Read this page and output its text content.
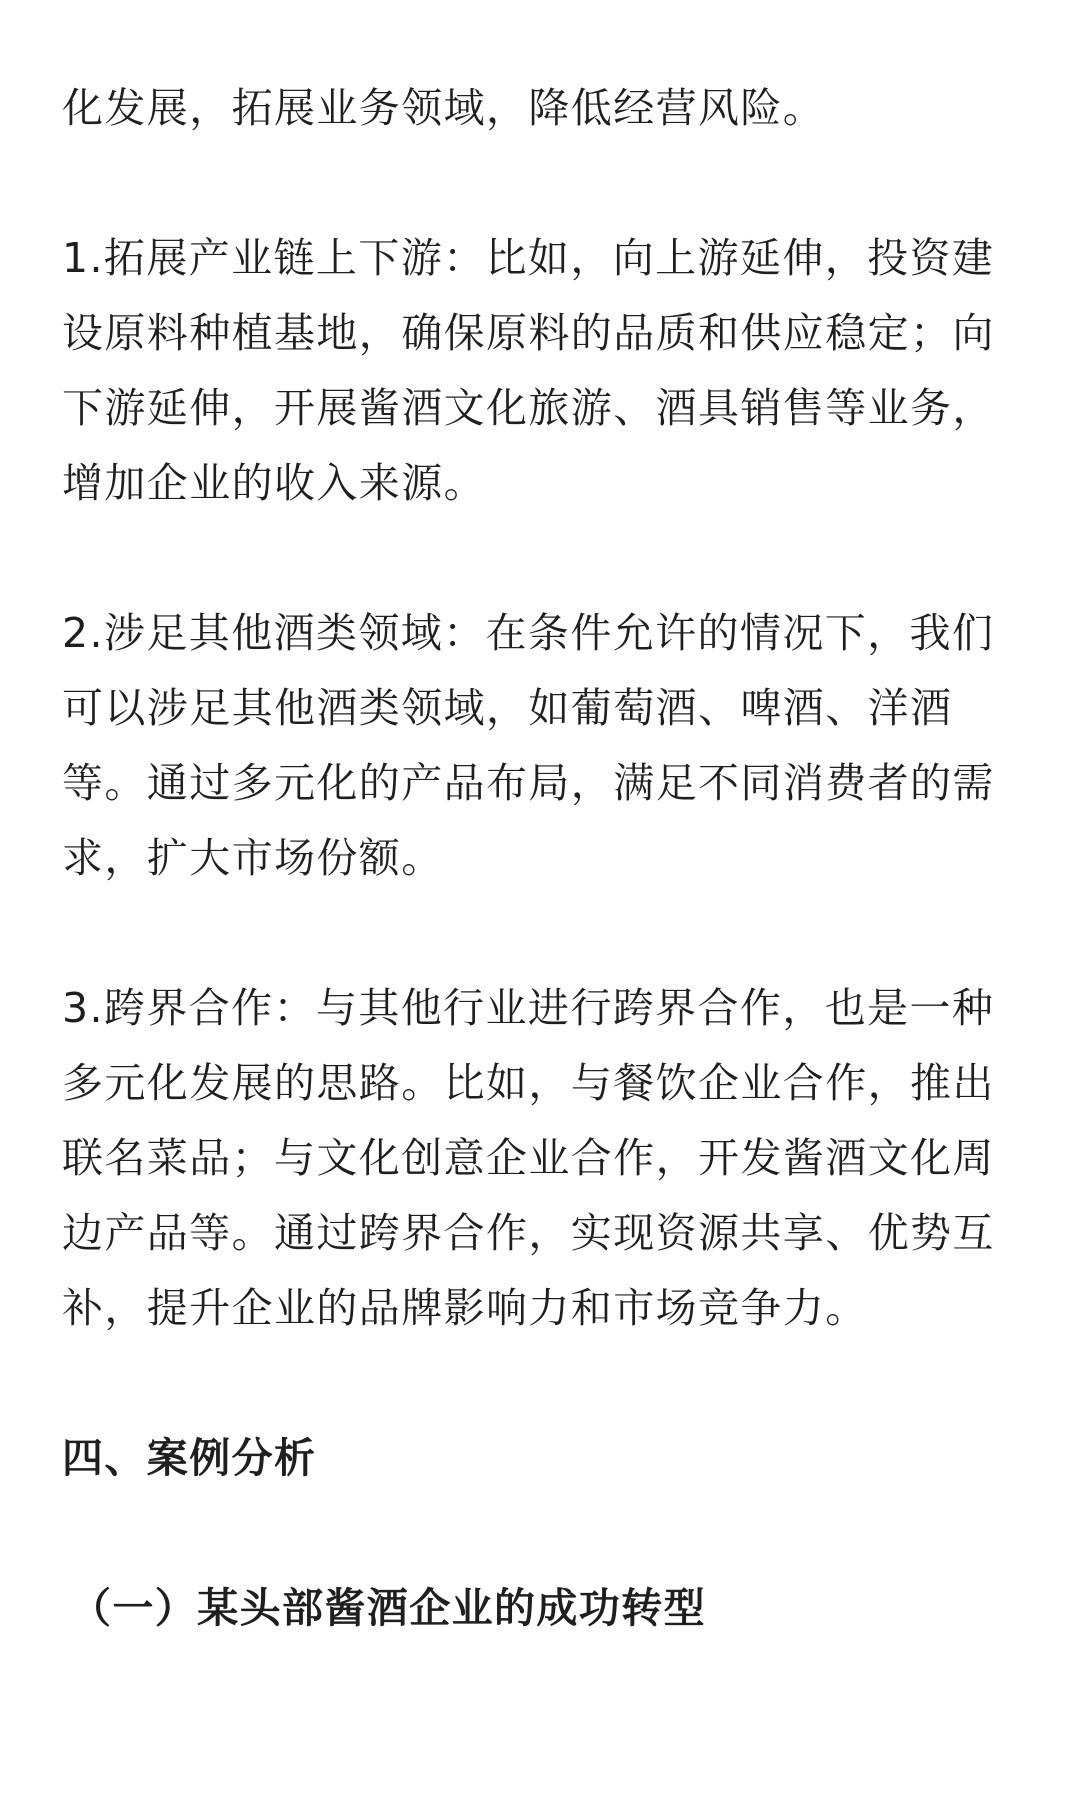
化发展，拓展业务领域，降低经营风险。

1.拓展产业链上下游：比如，向上游延伸，投资建设原料种植基地，确保原料的品质和供应稳定；向下游延伸，开展酱酒文化旅游、酒具销售等业务，增加企业的收入来源。

2.涉足其他酒类领域：在条件允许的情况下，我们可以涉足其他酒类领域，如葡萄酒、啤酒、洋酒等。通过多元化的产品布局，满足不同消费者的需求，扩大市场份额。

3.跨界合作：与其他行业进行跨界合作，也是一种多元化发展的思路。比如，与餐饮企业合作，推出联名菜品；与文化创意企业合作，开发酱酒文化周边产品等。通过跨界合作，实现资源共享、优势互补，提升企业的品牌影响力和市场竞争力。

四、案例分析
（一）某头部酱酒企业的成功转型
